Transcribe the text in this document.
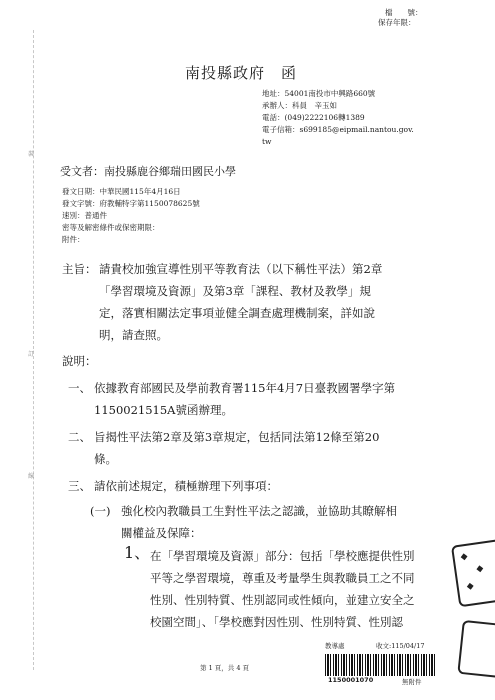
裝
訂
線
檔　　號：
保存年限：
南投縣政府　函
地址：54001南投市中興路660號
承辦人：科員　辛玉如
電話：(049)2222106轉1389
電子信箱：s699185@eipmail.nantou.gov.
tw
受文者：南投縣鹿谷鄉瑞田國民小學
發文日期：中華民國115年4月16日
發文字號：府教輔特字第1150078625號
速別：普通件
密等及解密條件或保密期限：
附件：
主旨： 請貴校加強宣導性別平等教育法（以下稱性平法）第2章
「學習環境及資源」及第3章「課程、教材及教學」規
定，落實相關法定事項並健全調查處理機制案，詳如說
明，請查照。
說明：
一、 依據教育部國民及學前教育署115年4月7日臺教國署學字第
1150021515A號函辦理。
二、 旨揭性平法第2章及第3章規定，包括同法第12條至第20
條。
三、 請依前述規定，積極辦理下列事項：
(一) 強化校內教職員工生對性平法之認識，並協助其瞭解相
關權益及保障：
1、 在「學習環境及資源」部分：包括「學校應提供性別
平等之學習環境，尊重及考量學生與教職員工之不同
性別、性別特質、性別認同或性傾向，並建立安全之
校園空間」、「學校應對因性別、性別特質、性別認
◆
◆
◆
第 1 頁，共 4 頁
教導處	收文:115/04/17
1150001070	無附件
